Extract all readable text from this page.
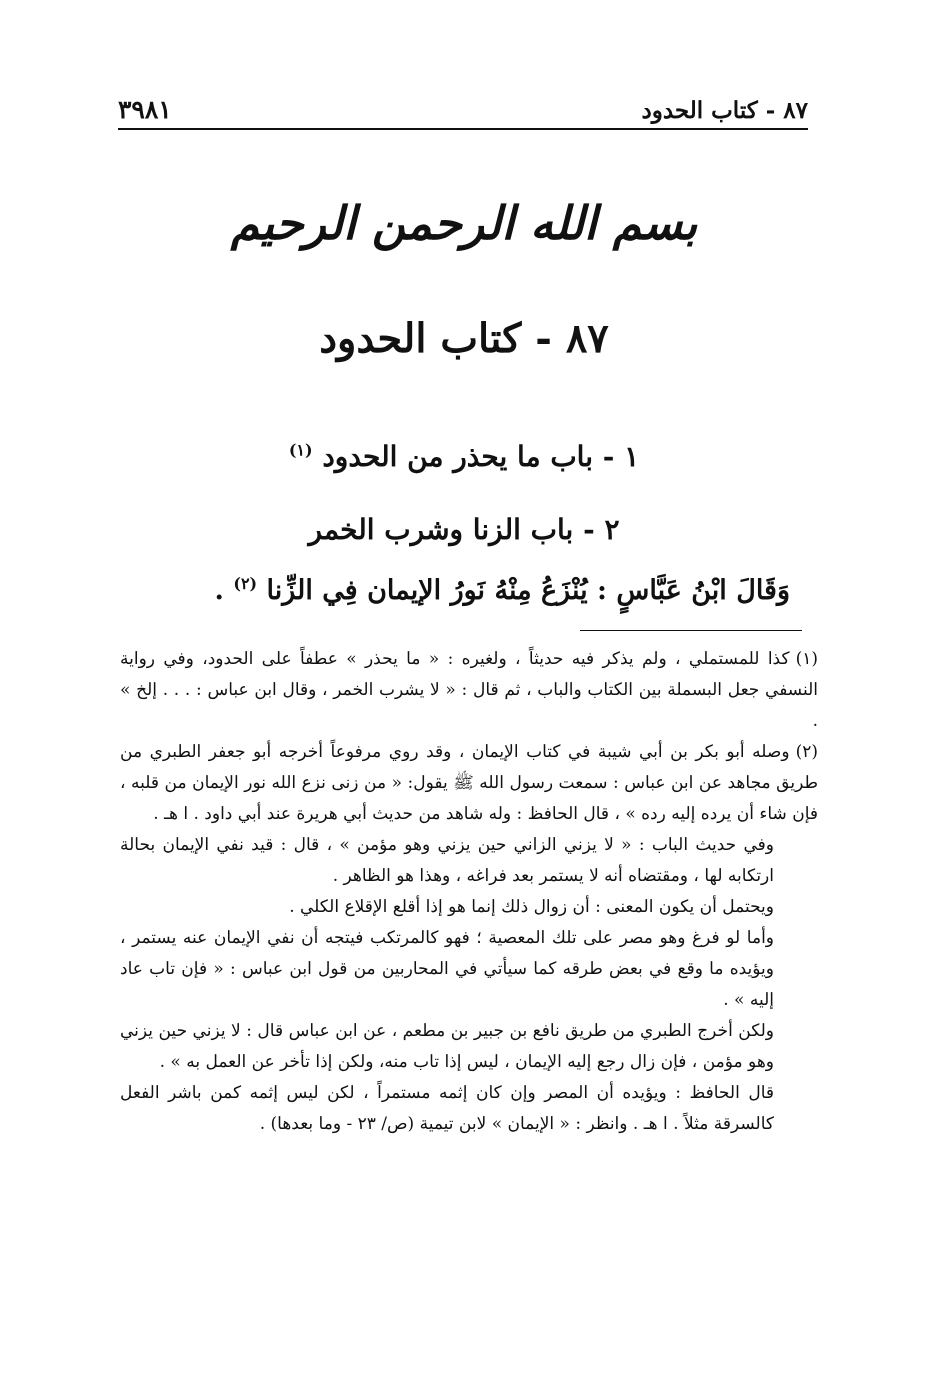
٨٧ - كتاب الحدود
٣٩٨١
بسم الله الرحمن الرحيم
٨٧ - كتاب الحدود
١ - باب ما يحذر من الحدود $^{(١)}$
٢ - باب الزنا وشرب الخمر
وَقَالَ ابْنُ عَبَّاسٍ : يُنْزَعُ مِنْهُ نَورُ الإيمان فِي الزِّنا $^{(٢)}$ .

(١)كذا للمستملي ، ولم يذكر فيه حديثاً ، ولغيره : « ما يحذر » عطفاً على الحدود، وفي رواية النسفي جعل البسملة بين الكتاب والباب ، ثم قال : « لا يشرب الخمر ، وقال ابن عباس : . . . إلخ » .

(٢)وصله أبو بكر بن أبي شيبة في كتاب الإيمان ، وقد روي مرفوعاً أخرجه أبو جعفر الطبري من طريق مجاهد عن ابن عباس : سمعت رسول الله ﷺ يقول: « من زنى نزع الله نور الإيمان من قلبه ، فإن شاء أن يرده إليه رده » ، قال الحافظ : وله شاهد من حديث أبي هريرة عند أبي داود . ا هـ .

وفي حديث الباب : « لا يزني الزاني حين يزني وهو مؤمن » ، قال : قيد نفي الإيمان بحالة ارتكابه لها ، ومقتضاه أنه لا يستمر بعد فراغه ، وهذا هو الظاهر .

ويحتمل أن يكون المعنى : أن زوال ذلك إنما هو إذا أقلع الإقلاع الكلي .

وأما لو فرغ وهو مصر على تلك المعصية ؛ فهو كالمرتكب فيتجه أن نفي الإيمان عنه يستمر ، ويؤيده ما وقع في بعض طرقه كما سيأتي في المحاربين من قول ابن عباس : « فإن تاب عاد إليه » .

ولكن أخرج الطبري من طريق نافع بن جبير بن مطعم ، عن ابن عباس قال : لا يزني حين يزني وهو مؤمن ، فإن زال رجع إليه الإيمان ، ليس إذا تاب منه، ولكن إذا تأخر عن العمل به » .

قال الحافظ : ويؤيده أن المصر وإن كان إثمه مستمراً ، لكن ليس إثمه كمن باشر الفعل كالسرقة مثلاً . ا هـ . وانظر : « الإيمان » لابن تيمية (ص/ ٢٣ - وما بعدها) .
